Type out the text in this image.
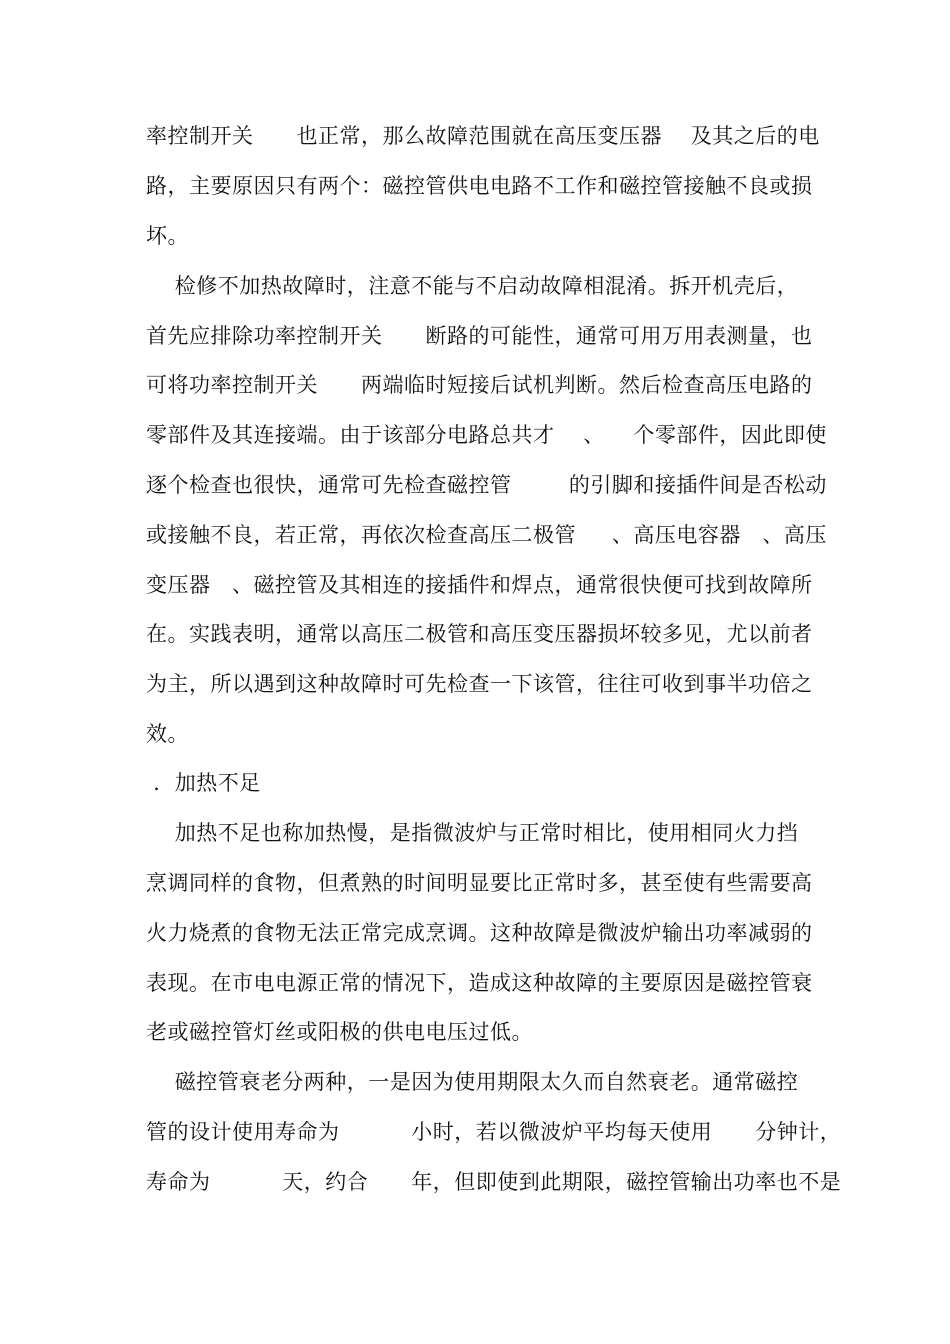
率控制开关      也正常，那么故障范围就在高压变压器    及其之后的电
路，主要原因只有两个：磁控管供电电路不工作和磁控管接触不良或损
坏。
检修不加热故障时，注意不能与不启动故障相混淆。拆开机壳后，
首先应排除功率控制开关      断路的可能性，通常可用万用表测量，也
可将功率控制开关      两端临时短接后试机判断。然后检查高压电路的
零部件及其连接端。由于该部分电路总共才    、    个零部件，因此即使
逐个检查也很快，通常可先检查磁控管        的引脚和接插件间是否松动
或接触不良，若正常，再依次检查高压二极管     、高压电容器   、高压
变压器   、磁控管及其相连的接插件和焊点，通常很快便可找到故障所
在。实践表明，通常以高压二极管和高压变压器损坏较多见，尤以前者
为主，所以遇到这种故障时可先检查一下该管，往往可收到事半功倍之
效。
.  加热不足
加热不足也称加热慢，是指微波炉与正常时相比，使用相同火力挡
烹调同样的食物，但煮熟的时间明显要比正常时多，甚至使有些需要高
火力烧煮的食物无法正常完成烹调。这种故障是微波炉输出功率减弱的
表现。在市电电源正常的情况下，造成这种故障的主要原因是磁控管衰
老或磁控管灯丝或阳极的供电电压过低。
磁控管衰老分两种，一是因为使用期限太久而自然衰老。通常磁控
管的设计使用寿命为          小时，若以微波炉平均每天使用      分钟计，
寿命为          天，约合      年，但即使到此期限，磁控管输出功率也不是
